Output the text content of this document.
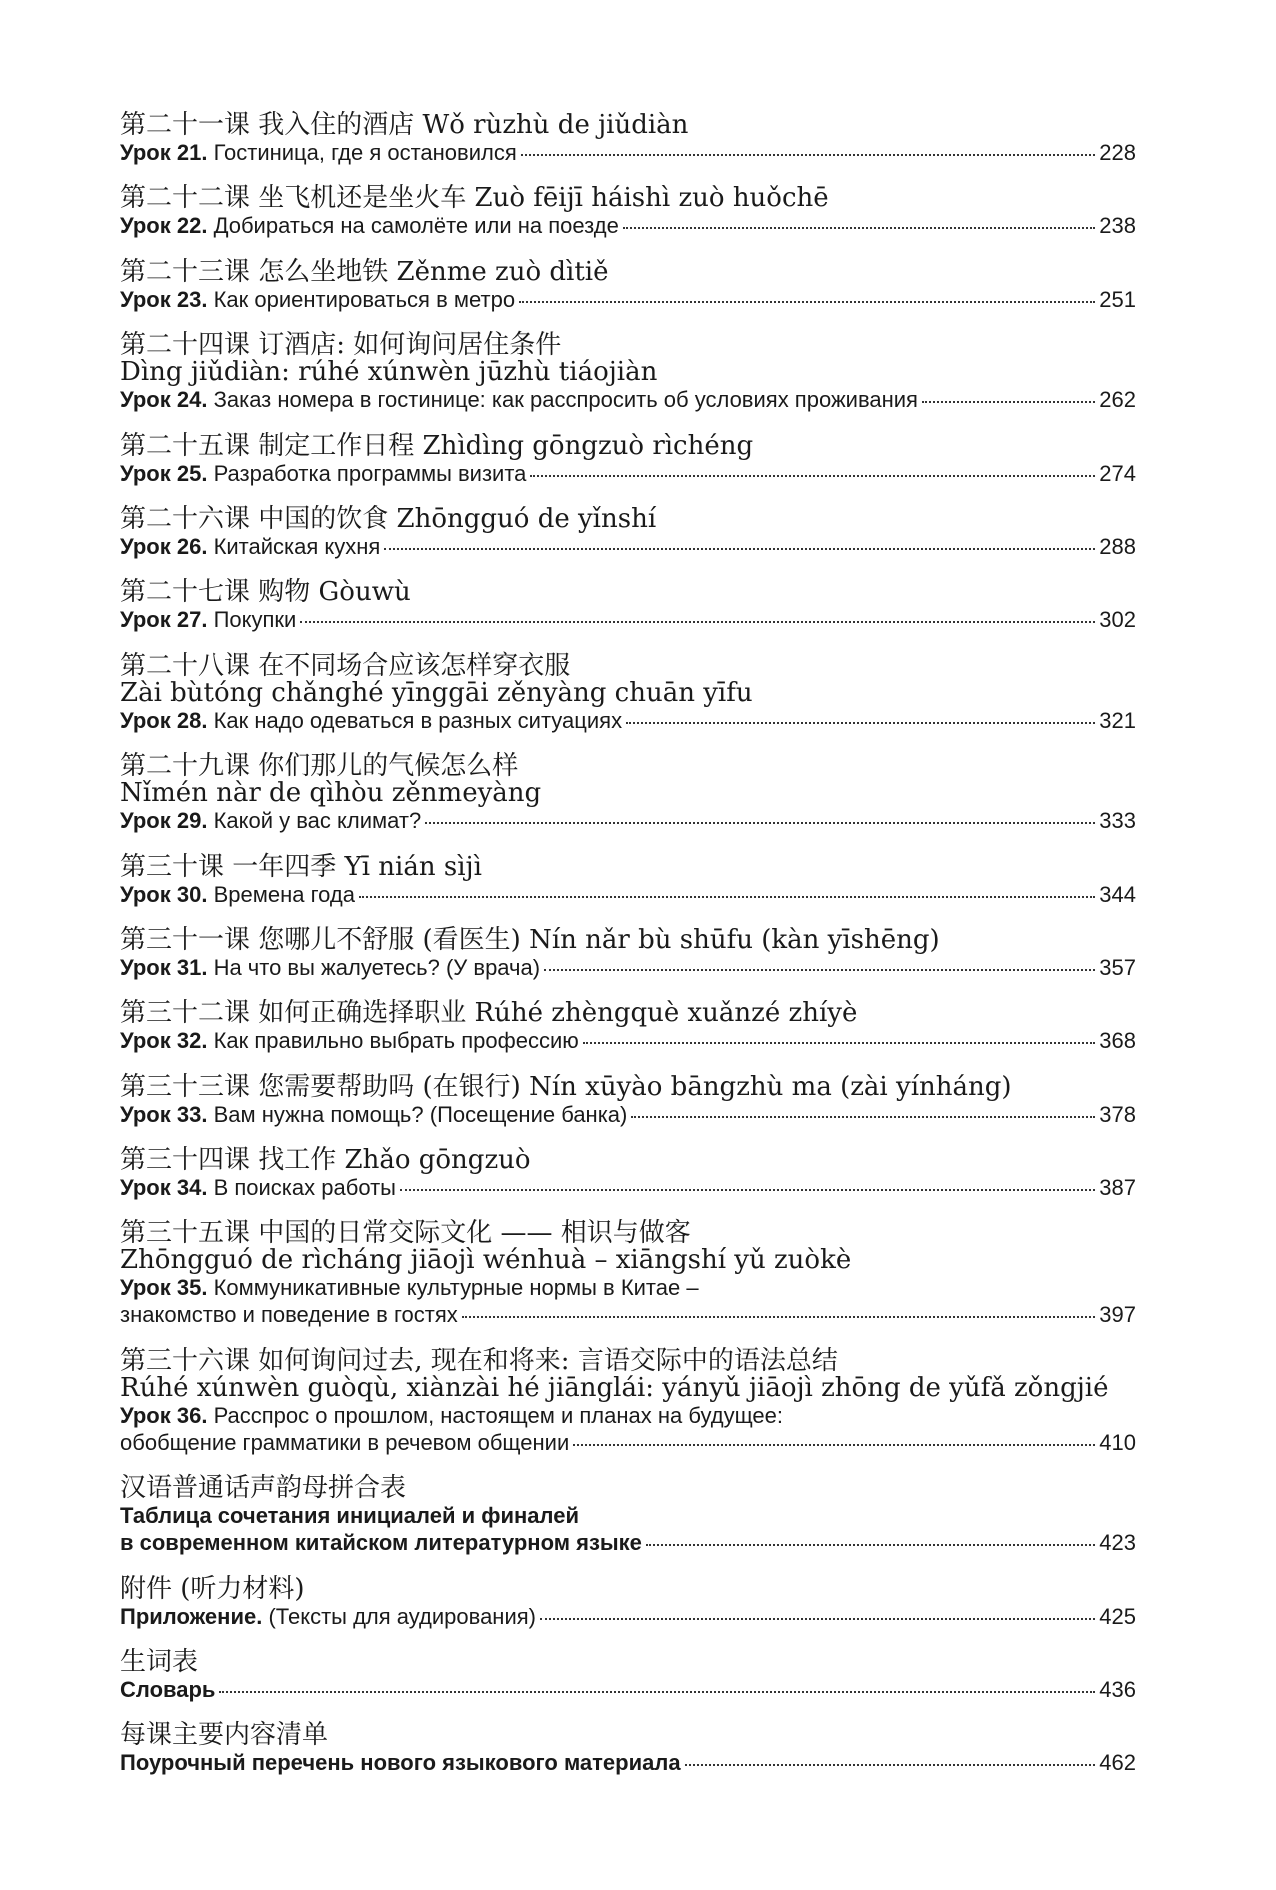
第二十一课 我入住的酒店 Wǒ rùzhù de jiǔdiàn
Урок 21.
Гостиница, где я остановился	228
第二十二课 坐飞机还是坐火车 Zuò fēijī háishì zuò huǒchē
Урок 22.
Добираться на самолёте или на поезде	238
第二十三课 怎么坐地铁 Zěnme zuò dìtiě
Урок 23.
Как ориентироваться в метро	251
第二十四课 订酒店: 如何询问居住条件
Dìng jiǔdiàn: rúhé xúnwèn jūzhù tiáojiàn
Урок 24.
Заказ номера в гостинице: как расспросить об условиях проживания	262
第二十五课 制定工作日程 Zhìdìng gōngzuò rìchéng
Урок 25.
Разработка программы визита	274
第二十六课 中国的饮食 Zhōngguó de yǐnshí
Урок 26.
Китайская кухня	288
第二十七课 购物 Gòuwù
Урок 27.
Покупки	302
第二十八课 在不同场合应该怎样穿衣服
Zài bùtóng chǎnghé yīnggāi zěnyàng chuān yīfu
Урок 28.
Как надо одеваться в разных ситуациях	321
第二十九课 你们那儿的气候怎么样
Nǐmén nàr de qìhòu zěnmeyàng
Урок 29.
Какой у вас климат?	333
第三十课 一年四季 Yī nián sìjì
Урок 30.
Времена года	344
第三十一课 您哪儿不舒服 (看医生) Nín nǎr bù shūfu (kàn yīshēng)
Урок 31.
На что вы жалуетесь? (У врача)	357
第三十二课 如何正确选择职业 Rúhé zhèngquè xuǎnzé zhíyè
Урок 32.
Как правильно выбрать профессию	368
第三十三课 您需要帮助吗 (在银行) Nín xūyào bāngzhù ma (zài yínháng)
Урок 33.
Вам нужна помощь? (Посещение банка)	378
第三十四课 找工作 Zhǎo gōngzuò
Урок 34.
В поисках работы	387
第三十五课 中国的日常交际文化 —— 相识与做客
Zhōngguó de rìcháng jiāojì wénhuà – xiāngshí yǔ zuòkè
Урок 35. Коммуникативные культурные нормы в Китае –
знакомство и поведение в гостях	397
第三十六课 如何询问过去, 现在和将来: 言语交际中的语法总结
Rúhé xúnwèn guòqù, xiànzài hé jiānglái: yányǔ jiāojì zhōng de yǔfǎ zǒngjié
Урок 36. Расспрос о прошлом, настоящем и планах на будущее:
обобщение грамматики в речевом общении	410
汉语普通话声韵母拼合表
Таблица сочетания инициалей и финалей
в современном китайском литературном языке	423
附件 (听力材料)
Приложение.
(Тексты для аудирования)	425
生词表
Словарь	436
每课主要内容清单
Поурочный перечень нового языкового материала	462
